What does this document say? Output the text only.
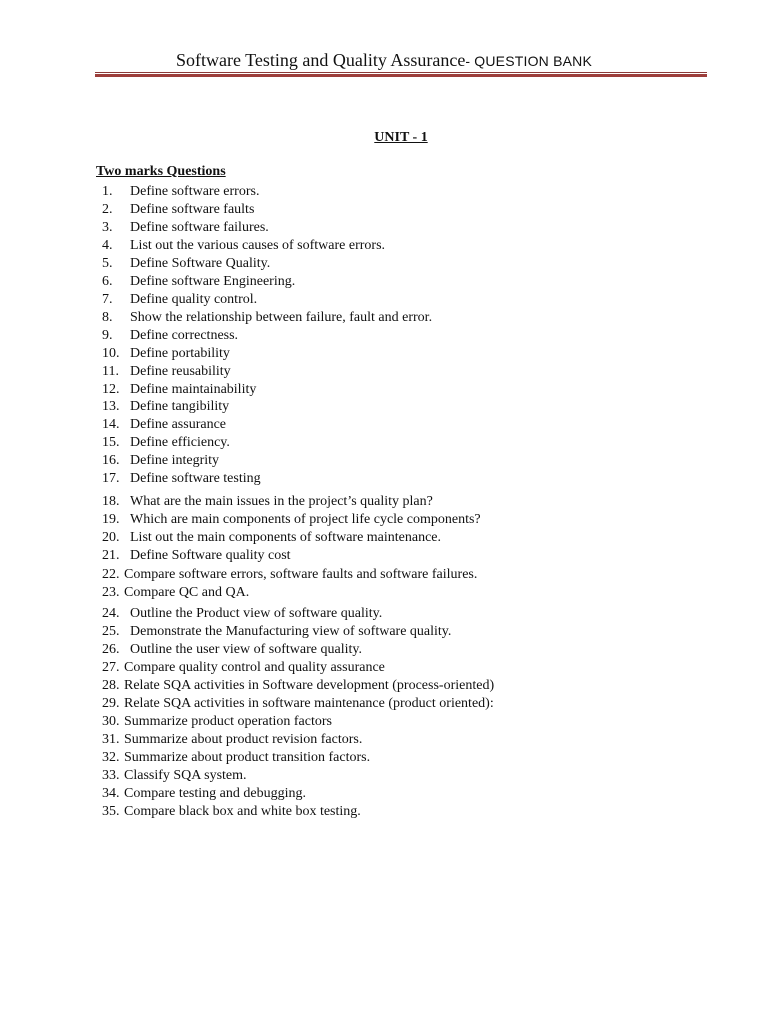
Software Testing and Quality Assurance- QUESTION BANK
UNIT - 1
Two marks Questions
1. Define software errors.
2. Define software faults
3. Define software failures.
4. List out the various causes of software errors.
5. Define Software Quality.
6. Define software Engineering.
7. Define quality control.
8. Show the relationship between failure, fault and error.
9. Define correctness.
10. Define portability
11. Define reusability
12. Define maintainability
13. Define tangibility
14. Define assurance
15. Define efficiency.
16. Define integrity
17. Define software testing
18. What are the main issues in the project’s quality plan?
19. Which are main components of project life cycle components?
20. List out the main components of software maintenance.
21. Define Software quality cost
22. Compare software errors, software faults and software failures.
23. Compare QC and QA.
24. Outline the Product view of software quality.
25. Demonstrate the Manufacturing view of software quality.
26. Outline the user view of software quality.
27. Compare quality control and quality assurance
28. Relate SQA activities in Software development (process-oriented)
29. Relate SQA activities in software maintenance (product oriented):
30. Summarize product operation factors
31. Summarize about product revision factors.
32. Summarize about product transition factors.
33. Classify SQA system.
34. Compare testing and debugging.
35. Compare black box and white box testing.
